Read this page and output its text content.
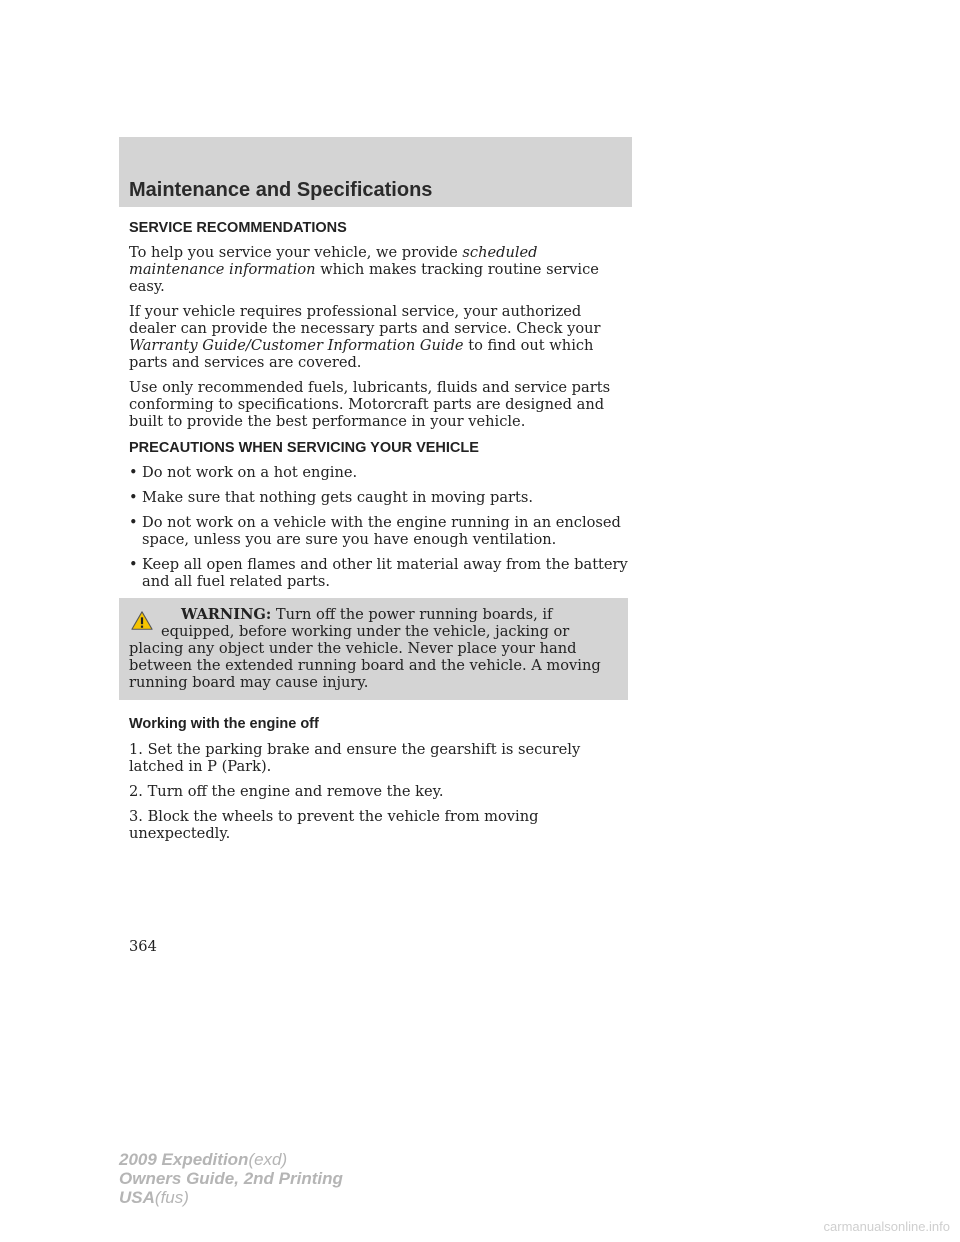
Maintenance and Specifications
SERVICE RECOMMENDATIONS

To help you service your vehicle, we provide scheduled maintenance information which makes tracking routine service easy.

If your vehicle requires professional service, your authorized dealer can provide the necessary parts and service. Check your Warranty Guide/Customer Information Guide to find out which parts and services are covered.

Use only recommended fuels, lubricants, fluids and service parts conforming to specifications. Motorcraft parts are designed and built to provide the best performance in your vehicle.

PRECAUTIONS WHEN SERVICING YOUR VEHICLE
• Do not work on a hot engine.
• Make sure that nothing gets caught in moving parts.
• Do not work on a vehicle with the engine running in an enclosed space, unless you are sure you have enough ventilation.
• Keep all open flames and other lit material away from the battery and all fuel related parts.
WARNING: Turn off the power running boards, if equipped, before working under the vehicle, jacking or placing any object under the vehicle. Never place your hand between the extended running board and the vehicle. A moving running board may cause injury.
Working with the engine off

1. Set the parking brake and ensure the gearshift is securely latched in P (Park).

2. Turn off the engine and remove the key.

3. Block the wheels to prevent the vehicle from moving unexpectedly.

364
2009 Expedition(exd)
Owners Guide, 2nd Printing
USA(fus)
carmanualsonline.info
